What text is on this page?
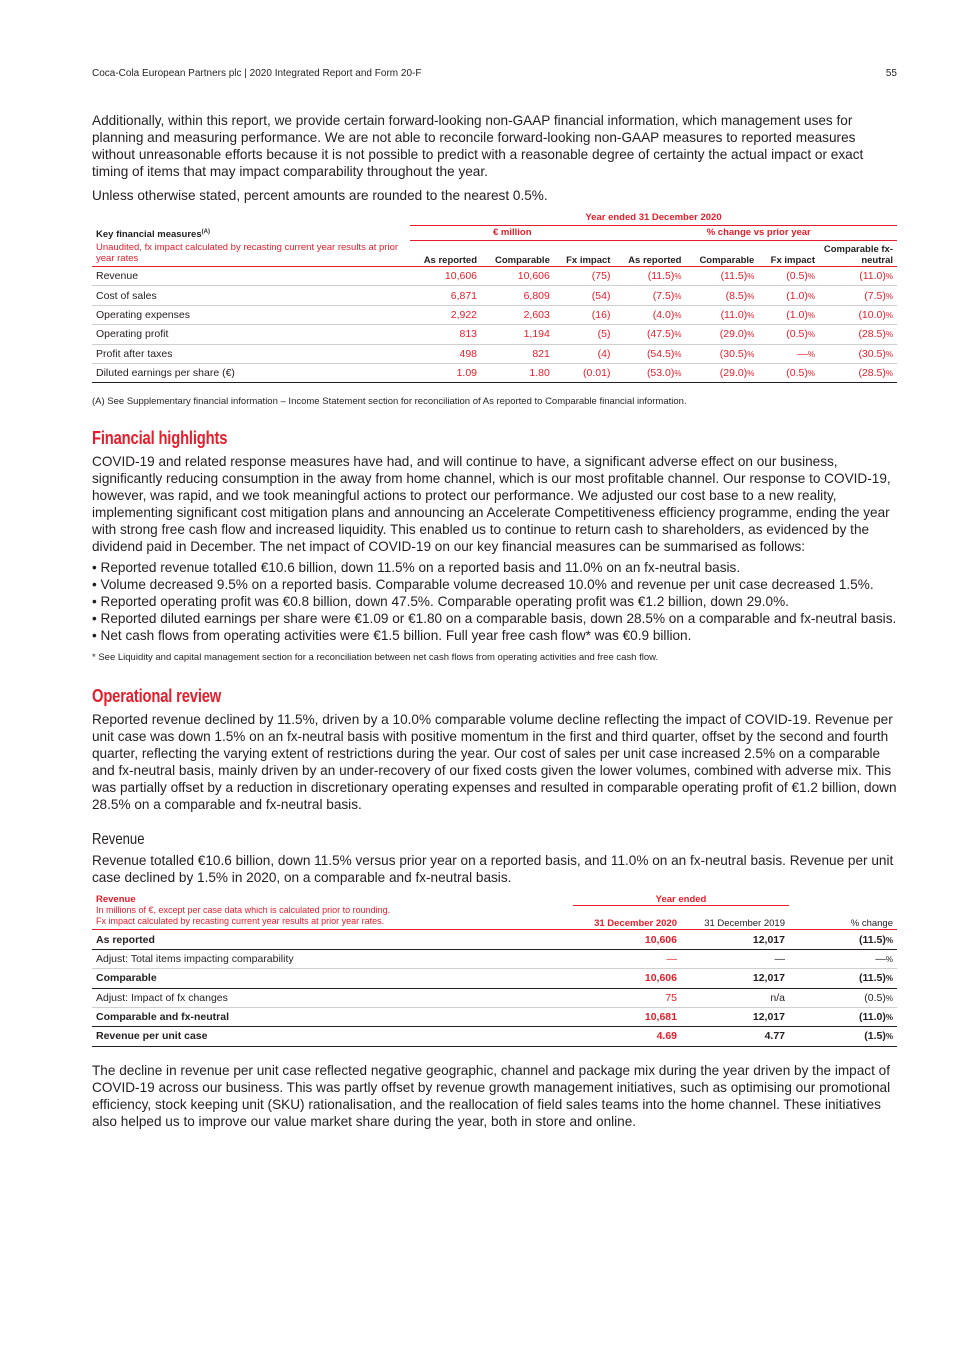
Coca-Cola European Partners plc | 2020 Integrated Report and Form 20-F	55

Additionally, within this report, we provide certain forward-looking non-GAAP financial information, which management uses for planning and measuring performance. We are not able to reconcile forward-looking non-GAAP measures to reported measures without unreasonable efforts because it is not possible to predict with a reasonable degree of certainty the actual impact or exact timing of items that may impact comparability throughout the year.

Unless otherwise stated, percent amounts are rounded to the nearest 0.5%.

	Year ended 31 December 2020						
Key financial measures$^{(A)}$	€ million			% change vs prior year			
Unaudited, fx impact calculated by recasting current year results at prior year rates	As reported	Comparable	Fx impact	As reported	Comparable	Fx impact	Comparable fx-neutral
Revenue	10,606	10,606	(75)	(11.5)%	(11.5)%	(0.5)%	(11.0)%
Cost of sales	6,871	6,809	(54)	(7.5)%	(8.5)%	(1.0)%	(7.5)%
Operating expenses	2,922	2,603	(16)	(4.0)%	(11.0)%	(1.0)%	(10.0)%
Operating profit	813	1,194	(5)	(47.5)%	(29.0)%	(0.5)%	(28.5)%
Profit after taxes	498	821	(4)	(54.5)%	(30.5)%	—%	(30.5)%
Diluted earnings per share (€)	1.09	1.80	(0.01)	(53.0)%	(29.0)%	(0.5)%	(28.5)%

(A) See Supplementary financial information – Income Statement section for reconciliation of As reported to Comparable financial information.

Financial highlights

COVID-19 and related response measures have had, and will continue to have, a significant adverse effect on our business, significantly reducing consumption in the away from home channel, which is our most profitable channel. Our response to COVID-19, however, was rapid, and we took meaningful actions to protect our performance. We adjusted our cost base to a new reality, implementing significant cost mitigation plans and announcing an Accelerate Competitiveness efficiency programme, ending the year with strong free cash flow and increased liquidity. This enabled us to continue to return cash to shareholders, as evidenced by the dividend paid in December. The net impact of COVID-19 on our key financial measures can be summarised as follows:

• Reported revenue totalled €10.6 billion, down 11.5% on a reported basis and 11.0% on an fx-neutral basis.
• Volume decreased 9.5% on a reported basis. Comparable volume decreased 10.0% and revenue per unit case decreased 1.5%.
• Reported operating profit was €0.8 billion, down 47.5%. Comparable operating profit was €1.2 billion, down 29.0%.
• Reported diluted earnings per share were €1.09 or €1.80 on a comparable basis, down 28.5% on a comparable and fx-neutral basis.
• Net cash flows from operating activities were €1.5 billion. Full year free cash flow* was €0.9 billion.

* See Liquidity and capital management section for a reconciliation between net cash flows from operating activities and free cash flow.

Operational review

Reported revenue declined by 11.5%, driven by a 10.0% comparable volume decline reflecting the impact of COVID-19. Revenue per unit case was down 1.5% on an fx-neutral basis with positive momentum in the first and third quarter, offset by the second and fourth quarter, reflecting the varying extent of restrictions during the year. Our cost of sales per unit case increased 2.5% on a comparable and fx-neutral basis, mainly driven by an under-recovery of our fixed costs given the lower volumes, combined with adverse mix. This was partially offset by a reduction in discretionary operating expenses and resulted in comparable operating profit of €1.2 billion, down 28.5% on a comparable and fx-neutral basis.

Revenue

Revenue totalled €10.6 billion, down 11.5% versus prior year on a reported basis, and 11.0% on an fx-neutral basis. Revenue per unit case declined by 1.5% in 2020, on a comparable and fx-neutral basis.

Revenue	Year ended		
In millions of €, except per case data which is calculated prior to rounding.
Fx impact calculated by recasting current year results at prior year rates.	31 December 2020	31 December 2019	% change
As reported	10,606	12,017	(11.5)%
Adjust: Total items impacting comparability	—	—	—%
Comparable	10,606	12,017	(11.5)%
Adjust: Impact of fx changes	75	n/a	(0.5)%
Comparable and fx-neutral	10,681	12,017	(11.0)%
Revenue per unit case	4.69	4.77	(1.5)%

The decline in revenue per unit case reflected negative geographic, channel and package mix during the year driven by the impact of COVID-19 across our business. This was partly offset by revenue growth management initiatives, such as optimising our promotional efficiency, stock keeping unit (SKU) rationalisation, and the reallocation of field sales teams into the home channel. These initiatives also helped us to improve our value market share during the year, both in store and online.
